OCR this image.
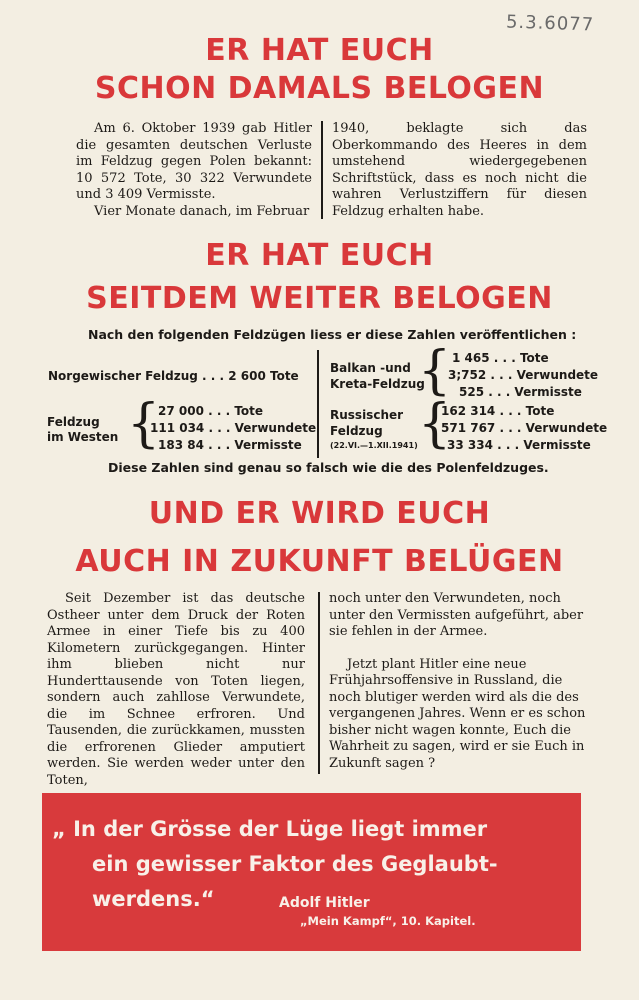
5.3.6077
ER HAT EUCH
SCHON DAMALS BELOGEN

Am 6. Oktober 1939 gab Hitler die gesamten deutschen Verluste im Feldzug gegen Polen bekannt: 10 572 Tote, 30 322 Verwundete und 3 409 Vermisste.

Vier Monate danach, im Februar

1940, beklagte sich das Oberkommando des Heeres in dem umstehend wiedergegebenen Schriftstück, dass es noch nicht die wahren Verlustziffern für diesen Feldzug erhalten habe.

ER HAT EUCH
SEITDEM WEITER BELOGEN
Nach den folgenden Feldzügen liess er diese Zahlen veröffentlichen :
Norgewischer Feldzug . . . 2 600 Tote
Feldzug
im Westen {
27 000 . . . Tote
111 034 . . . Verwundete
183 84 . . . Vermisste
Balkan -und
Kreta-Feldzug
{ 1 465 . . . Tote
3;752 . . . Verwundete
525 . . . Vermisste
Russischer
Feldzug
(22.VI.—1.XII.1941) {
162 314 . . . Tote
571 767 . . . Verwundete
33 334 . . . Vermisste
Diese Zahlen sind genau so falsch wie die des Polenfeldzuges.
UND ER WIRD EUCH
AUCH IN ZUKUNFT BELÜGEN

Seit Dezember ist das deutsche Ostheer unter dem Druck der Roten Armee in einer Tiefe bis zu 400 Kilometern zurückgegangen. Hinter ihm blieben nicht nur Hunderttausende von Toten liegen, sondern auch zahllose Verwundete, die im Schnee erfroren. Und Tausenden, die zurückkamen, mussten die erfrorenen Glieder amputiert werden. Sie werden weder unter den Toten,

noch unter den Verwundeten, noch unter den Vermissten aufgeführt, aber sie fehlen in der Armee.

Jetzt plant Hitler eine neue Frühjahrsoffensive in Russland, die noch blutiger werden wird als die des vergangenen Jahres. Wenn er es schon bisher nicht wagen konnte, Euch die Wahrheit zu sagen, wird er sie Euch in Zukunft sagen ?

„ In der Grösse der Lüge liegt immer
ein gewisser Faktor des Geglaubt-
werdens.“	Adolf Hitler
„Mein Kampf“, 10. Kapitel.
